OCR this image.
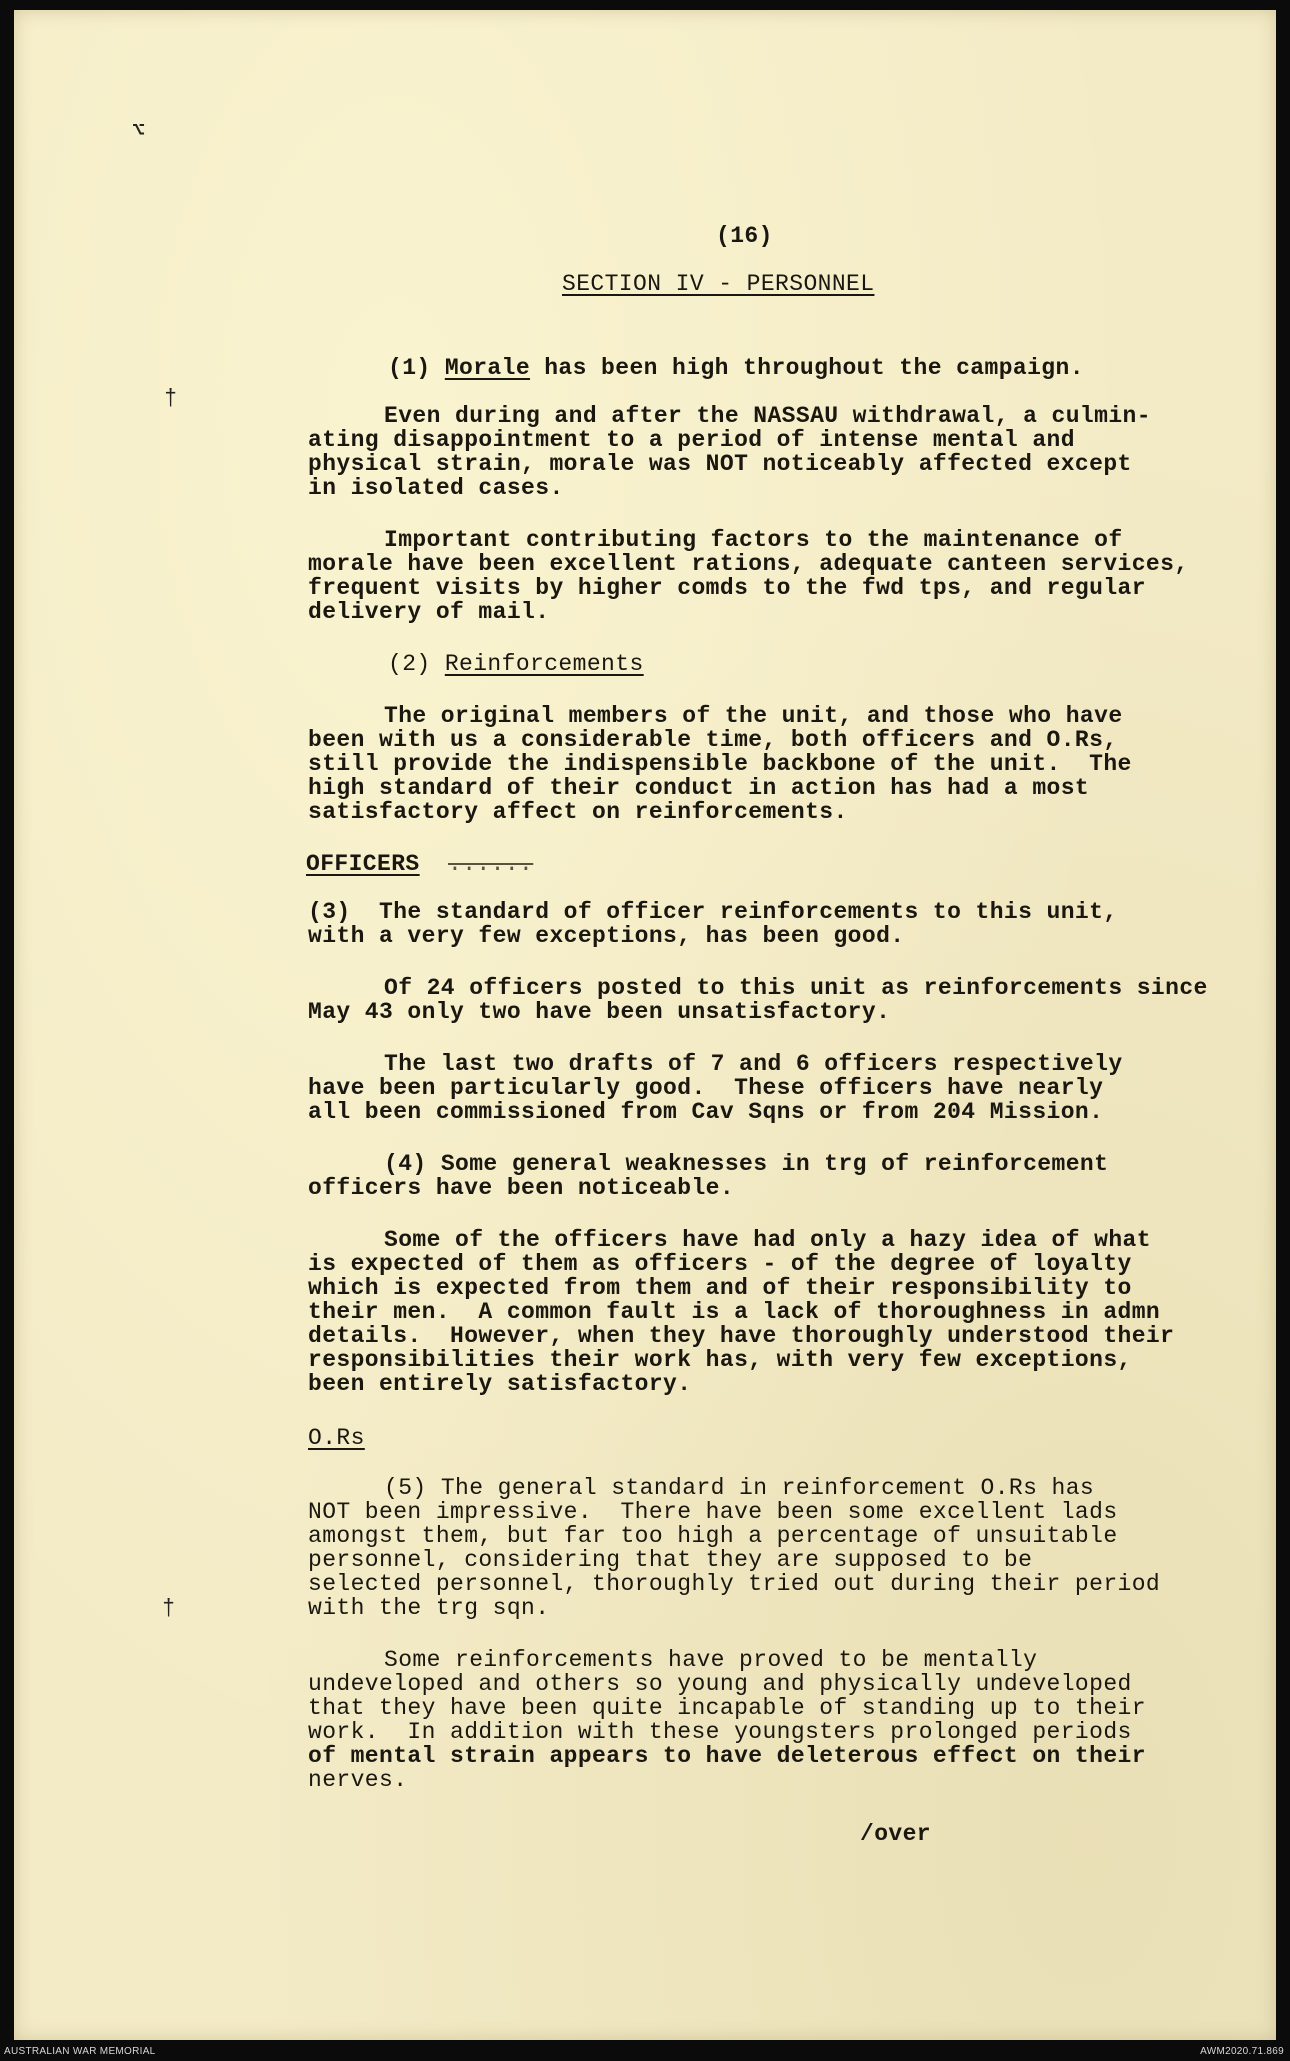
⌥
†
†
(16)
SECTION IV - PERSONNEL
(1) Morale has been high throughout the campaign.
Even during and after the NASSAU withdrawal, a culmin-
ating disappointment to a period of intense mental and
physical strain, morale was NOT noticeably affected except
in isolated cases.
Important contributing factors to the maintenance of
morale have been excellent rations, adequate canteen services,
frequent visits by higher comds to the fwd tps, and regular
delivery of mail.
(2) Reinforcements
The original members of the unit, and those who have
been with us a considerable time, both officers and O.Rs,
still provide the indispensible backbone of the unit.  The
high standard of their conduct in action has had a most
satisfactory affect on reinforcements.
OFFICERS ......
(3) The standard of officer reinforcements to this unit,
with a very few exceptions, has been good.
Of 24 officers posted to this unit as reinforcements since
May 43 only two have been unsatisfactory.
The last two drafts of 7 and 6 officers respectively
have been particularly good.  These officers have nearly
all been commissioned from Cav Sqns or from 204 Mission.
(4) Some general weaknesses in trg of reinforcement
officers have been noticeable.
Some of the officers have had only a hazy idea of what
is expected of them as officers - of the degree of loyalty
which is expected from them and of their responsibility to
their men.  A common fault is a lack of thoroughness in admn
details.  However, when they have thoroughly understood their
responsibilities their work has, with very few exceptions,
been entirely satisfactory.
O.Rs
(5) The general standard in reinforcement O.Rs has
NOT been impressive.  There have been some excellent lads
amongst them, but far too high a percentage of unsuitable
personnel, considering that they are supposed to be
selected personnel, thoroughly tried out during their period
with the trg sqn.
Some reinforcements have proved to be mentally
undeveloped and others so young and physically undeveloped
that they have been quite incapable of standing up to their
work.  In addition with these youngsters prolonged periods
of mental strain appears to have deleterous effect on their
nerves.
/over
AUSTRALIAN WAR MEMORIAL	AWM2020.71.869
